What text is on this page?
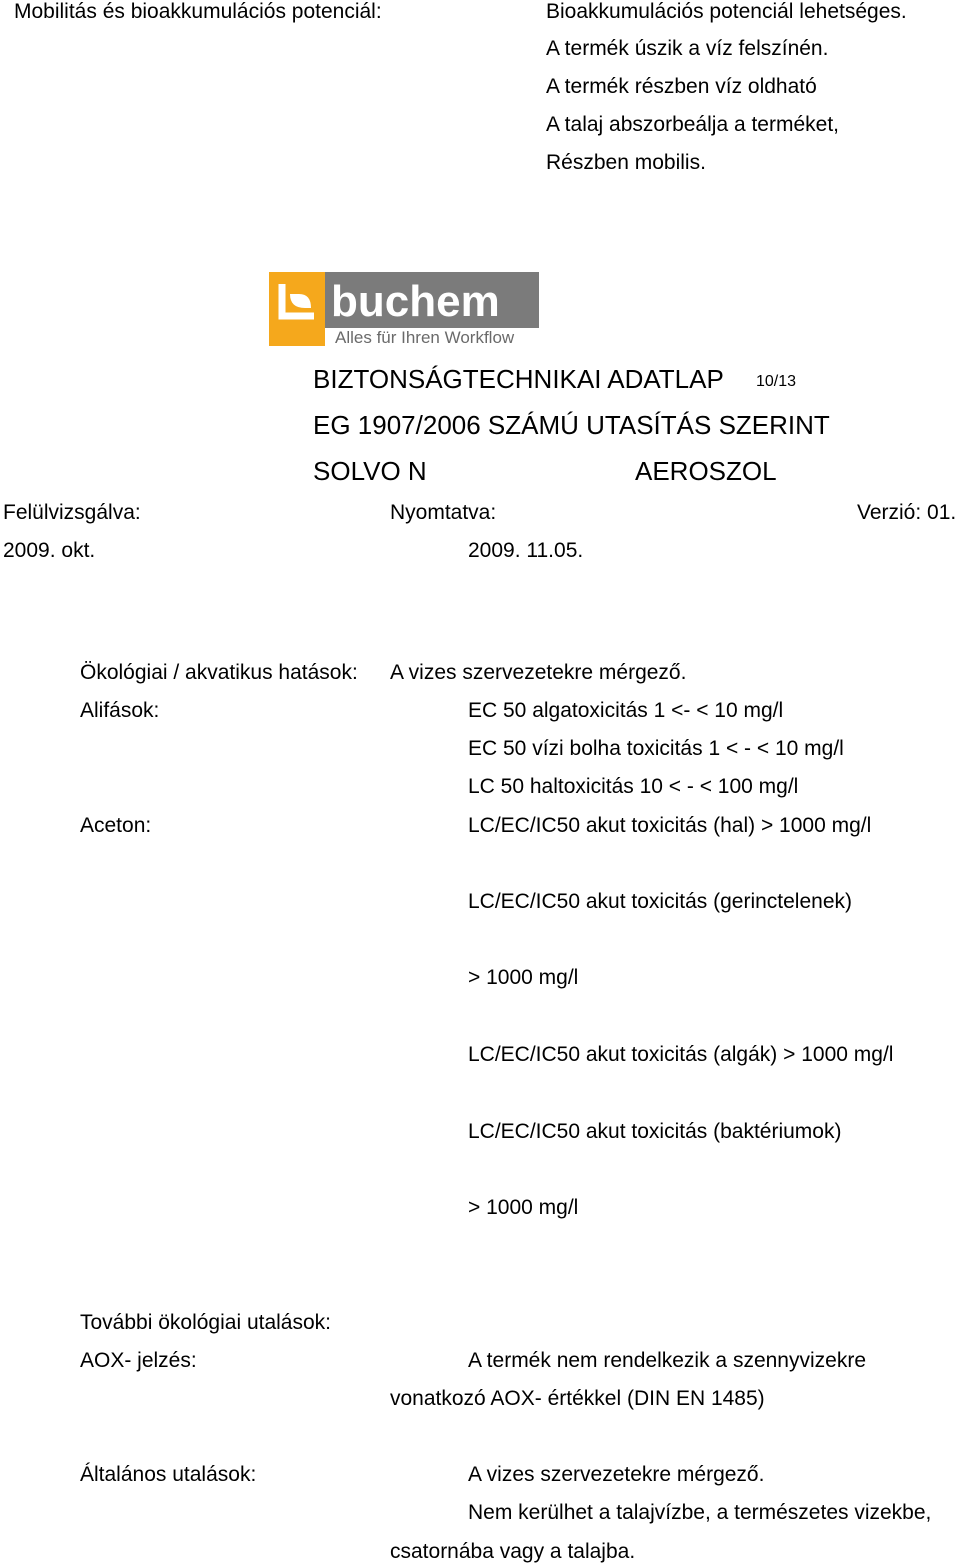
Mobilitás és bioakkumulációs potenciál:	Bioakkumulációs potenciál lehetséges.
A termék úszik a víz felszínén.
A termék részben víz oldható
A talaj abszorbeálja a terméket,
Részben mobilis.
buchem
Alles für Ihren Workflow
BIZTONSÁGTECHNIKAI ADATLAP 10/13
EG 1907/2006 SZÁMÚ UTASÍTÁS SZERINT
SOLVO N	AEROSZOL
Felülvizsgálva:	Nyomtatva:	Verzió: 01.
2009. okt.	2009. 11.05.
Ökológiai / akvatikus hatások: A vizes szervezetekre mérgező.
Alifások:	EC 50 algatoxicitás 1 <- < 10 mg/l
EC 50 vízi bolha toxicitás 1 < - < 10 mg/l
LC 50 haltoxicitás 10 < - < 100 mg/l
Aceton:	LC/EC/IC50 akut toxicitás (hal) > 1000 mg/l
LC/EC/IC50 akut toxicitás (gerinctelenek)
> 1000 mg/l
LC/EC/IC50 akut toxicitás (algák) > 1000 mg/l
LC/EC/IC50 akut toxicitás (baktériumok)
> 1000 mg/l
További ökológiai utalások:
AOX- jelzés:	A termék nem rendelkezik a szennyvizekre
vonatkozó AOX- értékkel (DIN EN 1485)
Általános utalások:	A vizes szervezetekre mérgező.
Nem kerülhet a talajvízbe, a természetes vizekbe,
csatornába vagy a talajba.
